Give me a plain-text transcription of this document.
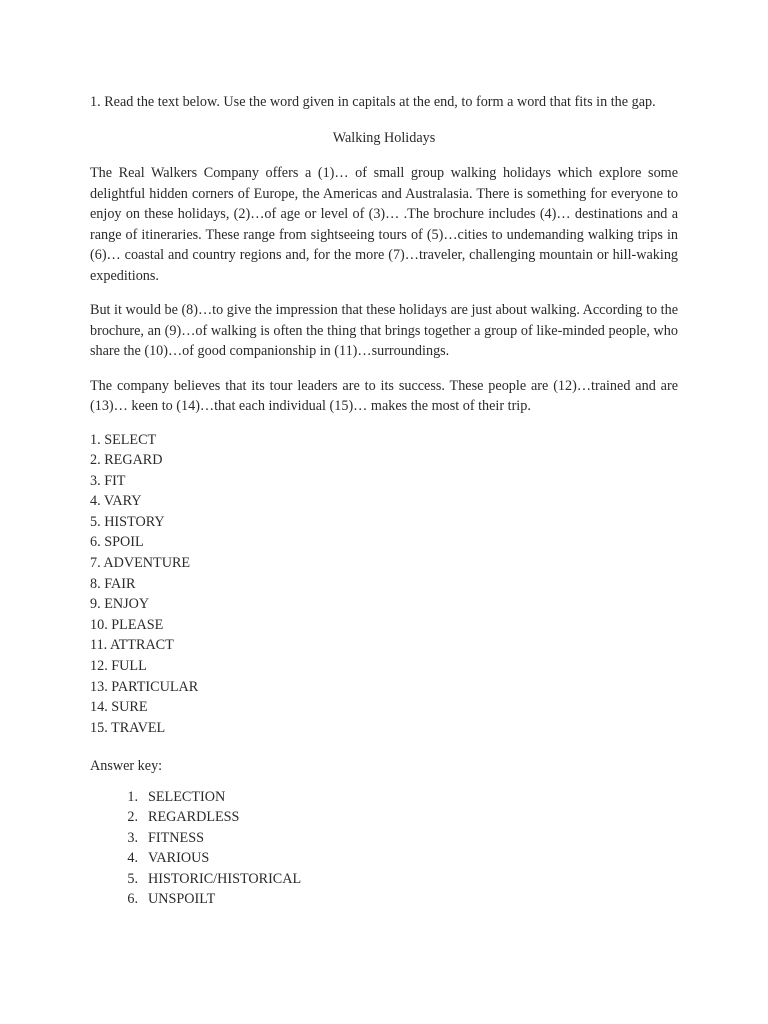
1. Read the text below. Use the word given in capitals at the end, to form a word that fits in the gap.

Walking Holidays

The Real Walkers Company offers a (1)… of small group walking holidays which explore some delightful hidden corners of Europe, the Americas and Australasia. There is something for everyone to enjoy on these holidays, (2)…of age or level of (3)… .The brochure includes (4)… destinations and a range of itineraries. These range from sightseeing tours of (5)…cities to undemanding walking trips in (6)… coastal and country regions and, for the more (7)…traveler, challenging mountain or hill-waking expeditions.

But it would be (8)…to give the impression that these holidays are just about walking. According to the brochure, an (9)…of walking is often the thing that brings together a group of like-minded people, who share the (10)…of good companionship in (11)…surroundings.

The company believes that its tour leaders are to its success. These people are (12)…trained and are (13)… keen to (14)…that each individual (15)… makes the most of their trip.

1. SELECT
2. REGARD
3. FIT
4. VARY
5. HISTORY
6. SPOIL
7. ADVENTURE
8. FAIR
9. ENJOY
10. PLEASE
11. ATTRACT
12. FULL
13. PARTICULAR
14. SURE
15. TRAVEL

Answer key:

1. SELECTION
2. REGARDLESS
3. FITNESS
4. VARIOUS
5. HISTORIC/HISTORICAL
6. UNSPOILT
